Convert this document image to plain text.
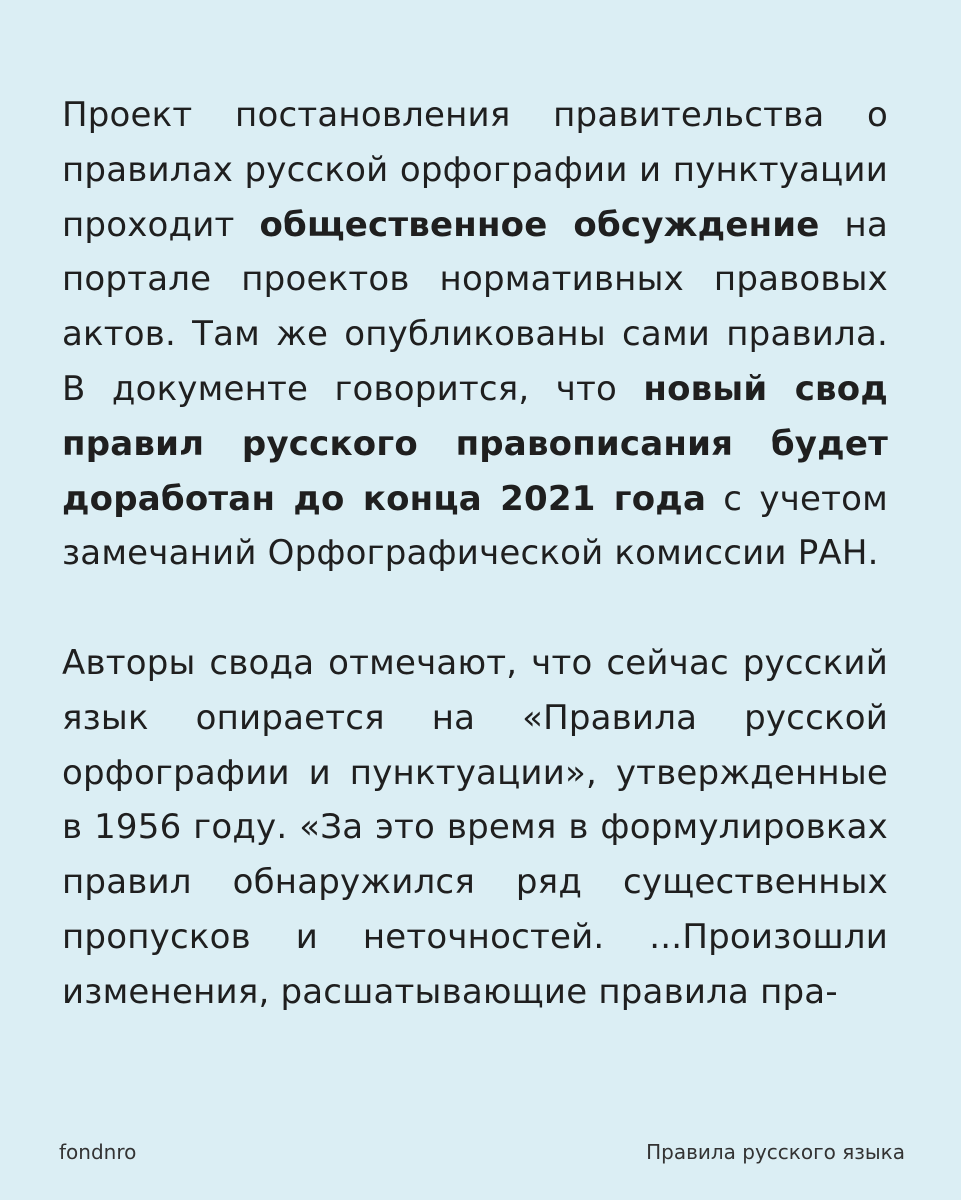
Проект постановления правительства о правилах русской орфографии и пунктуации проходит общественное обсуждение на портале проектов нормативных правовых актов. Там же опубликованы сами правила. В документе говорится, что новый свод правил русского правописания будет доработан до конца 2021 года с учетом замечаний Орфографической комиссии РАН.

Авторы свода отмечают, что сейчас русский язык опирается на «Правила русской орфографии и пунктуации», утвержденные в 1956 году. «За это время в формулировках правил обнаружился ряд существенных пропусков и неточностей. ...Произошли изменения, расшатывающие правила пра-

fondnro	Правила русского языка
